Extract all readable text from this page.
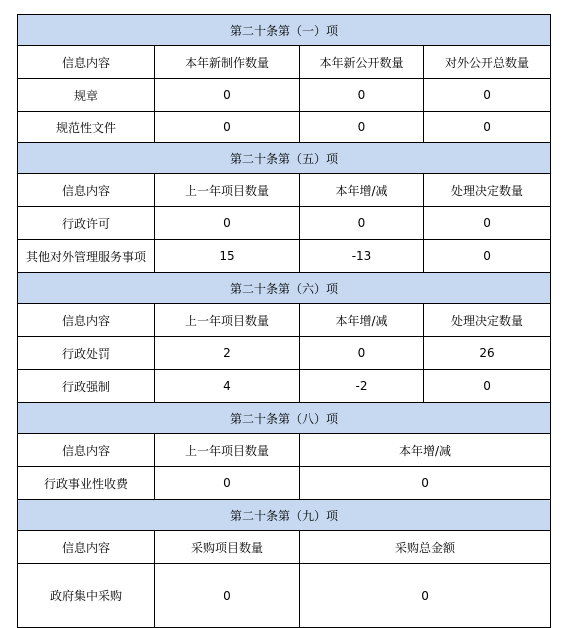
第二十条第（一）项			
信息内容	本年新制作数量	本年新公开数量	对外公开总数量
规章	0	0	0
规范性文件	0	0	0
第二十条第（五）项			
信息内容	上一年项目数量	本年增/减	处理决定数量
行政许可	0	0	0
其他对外管理服务事项	15	-13	0
第二十条第（六）项			
信息内容	上一年项目数量	本年增/减	处理决定数量
行政处罚	2	0	26
行政强制	4	-2	0
第二十条第（八）项			
信息内容	上一年项目数量	本年增/减	
行政事业性收费	0	0	
第二十条第（九）项			
信息内容	采购项目数量	采购总金额	
政府集中采购	0	0	
